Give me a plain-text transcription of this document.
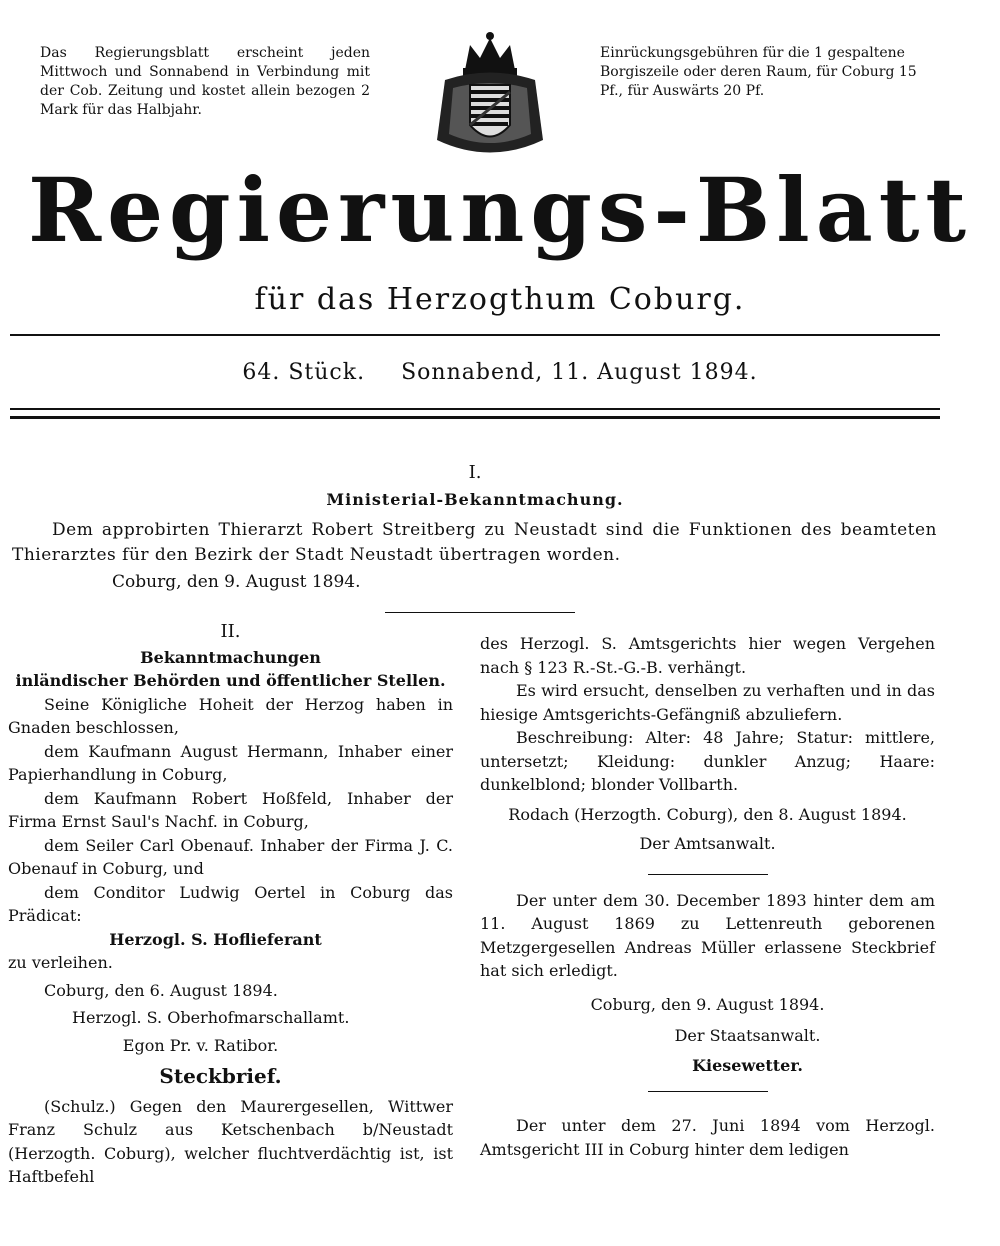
Das Regierungsblatt erscheint jeden Mittwoch und Sonnabend in Verbindung mit der Cob. Zeitung und kostet allein bezogen 2 Mark für das Halbjahr.
Einrückungsgebühren für die 1 gespaltene Borgiszeile oder deren Raum, für Coburg 15 Pf., für Auswärts 20 Pf.
Regierungs-Blatt
für das Herzogthum Coburg.
64. Stück. Sonnabend, 11. August 1894.
I.
Ministerial-Bekanntmachung.
Dem approbirten Thierarzt Robert Streitberg zu Neustadt sind die Funktionen des beamteten Thierarztes für den Bezirk der Stadt Neustadt übertragen worden.
Coburg, den 9. August 1894.

II.

Bekanntmachungen

inländischer Behörden und öffentlicher Stellen.

Seine Königliche Hoheit der Herzog haben in Gnaden beschlossen,

dem Kaufmann August Hermann, Inhaber einer Papierhandlung in Coburg,

dem Kaufmann Robert Hoßfeld, Inhaber der Firma Ernst Saul's Nachf. in Coburg,

dem Seiler Carl Obenauf. Inhaber der Firma J. C. Obenauf in Coburg, und

dem Conditor Ludwig Oertel in Coburg das Prädicat:

Herzogl. S. Hoflieferant

zu verleihen.

Coburg, den 6. August 1894.

Herzogl. S. Oberhofmarschallamt.

Egon Pr. v. Ratibor.

Steckbrief.

(Schulz.) Gegen den Maurergesellen, Wittwer Franz Schulz aus Ketschenbach b/Neustadt (Herzogth. Coburg), welcher fluchtverdächtig ist, ist Haftbefehl

des Herzogl. S. Amtsgerichts hier wegen Vergehen nach § 123 R.-St.-G.-B. verhängt.

Es wird ersucht, denselben zu verhaften und in das hiesige Amtsgerichts-Gefängniß abzuliefern.

Beschreibung: Alter: 48 Jahre; Statur: mittlere, untersetzt; Kleidung: dunkler Anzug; Haare: dunkelblond; blonder Vollbarth.

Rodach (Herzogth. Coburg), den 8. August 1894.

Der Amtsanwalt.

Der unter dem 30. December 1893 hinter dem am 11. August 1869 zu Lettenreuth geborenen Metzgergesellen Andreas Müller erlassene Steckbrief hat sich erledigt.

Coburg, den 9. August 1894.

Der Staatsanwalt.

Kiesewetter.

Der unter dem 27. Juni 1894 vom Herzogl. Amtsgericht III in Coburg hinter dem ledigen
